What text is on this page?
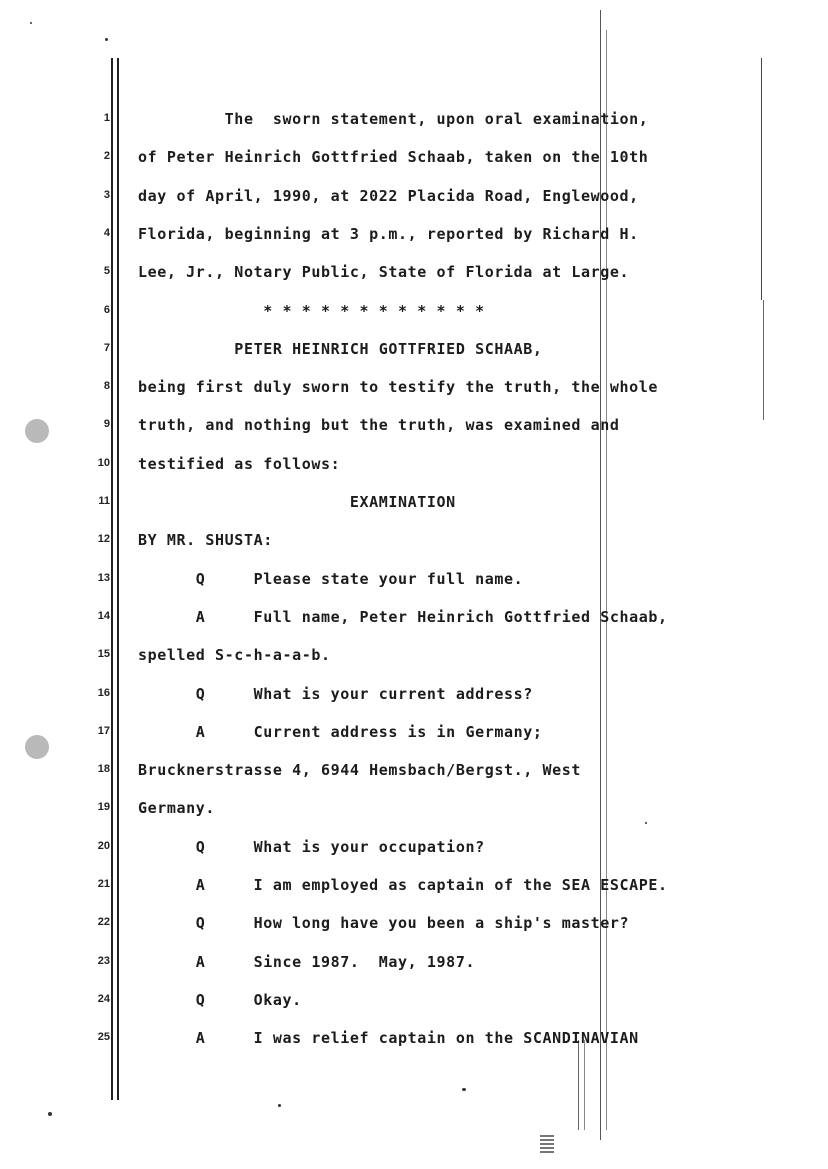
1 The  sworn statement, upon oral examination,
2 of Peter Heinrich Gottfried Schaab, taken on the 10th
3 day of April, 1990, at 2022 Placida Road, Englewood,
4 Florida, beginning at 3 p.m., reported by Richard H.
5 Lee, Jr., Notary Public, State of Florida at Large.
6 * * * * * * * * * * * *
7 PETER HEINRICH GOTTFRIED SCHAAB,
8 being first duly sworn to testify the truth, the whole
9 truth, and nothing but the truth, was examined and
10 testified as follows:
11 EXAMINATION
12 BY MR. SHUSTA:
13 Q     Please state your full name.
14 A     Full name, Peter Heinrich Gottfried Schaab,
15 spelled S-c-h-a-a-b.
16 Q     What is your current address?
17 A     Current address is in Germany;
18 Brucknerstrasse 4, 6944 Hemsbach/Bergst., West
19 Germany.
20 Q     What is your occupation?
21 A     I am employed as captain of the SEA ESCAPE.
22 Q     How long have you been a ship's master?
23 A     Since 1987.  May, 1987.
24 Q     Okay.
25 A     I was relief captain on the SCANDINAVIAN
